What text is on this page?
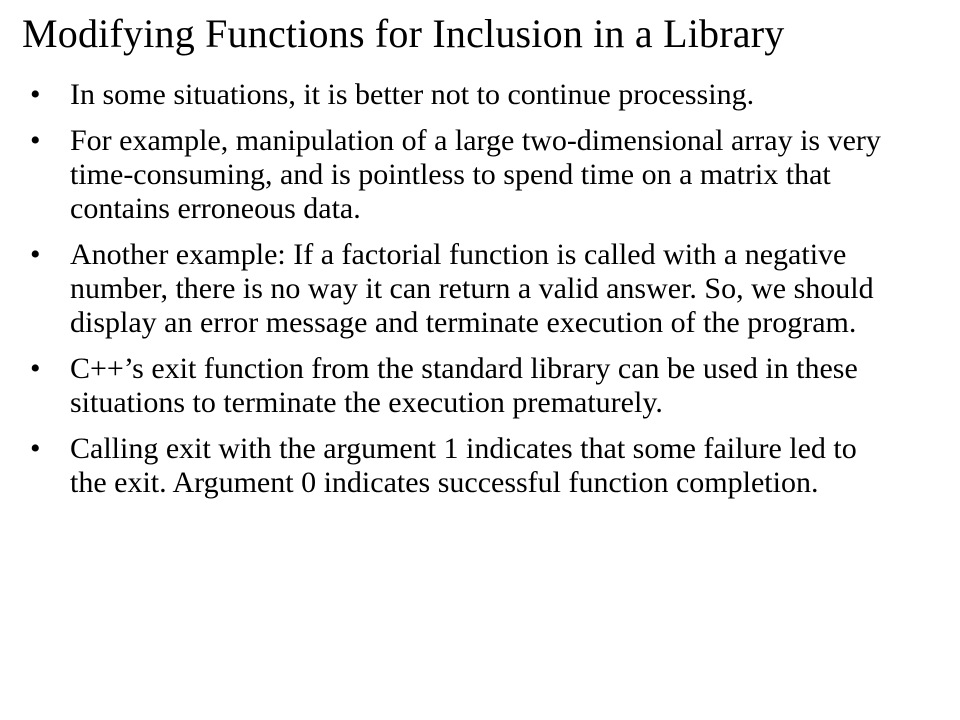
Modifying Functions for Inclusion in a Library
• In some situations, it is better not to continue processing.
• For example, manipulation of a large two-dimensional array is very time-consuming, and is pointless to spend time on a matrix that contains erroneous data.
• Another example: If a factorial function is called with a negative number, there is no way it can return a valid answer. So, we should display an error message and terminate execution of the program.
• C++’s exit function from the standard library can be used in these situations to terminate the execution prematurely.
• Calling exit with the argument 1 indicates that some failure led to the exit. Argument 0 indicates successful function completion.
